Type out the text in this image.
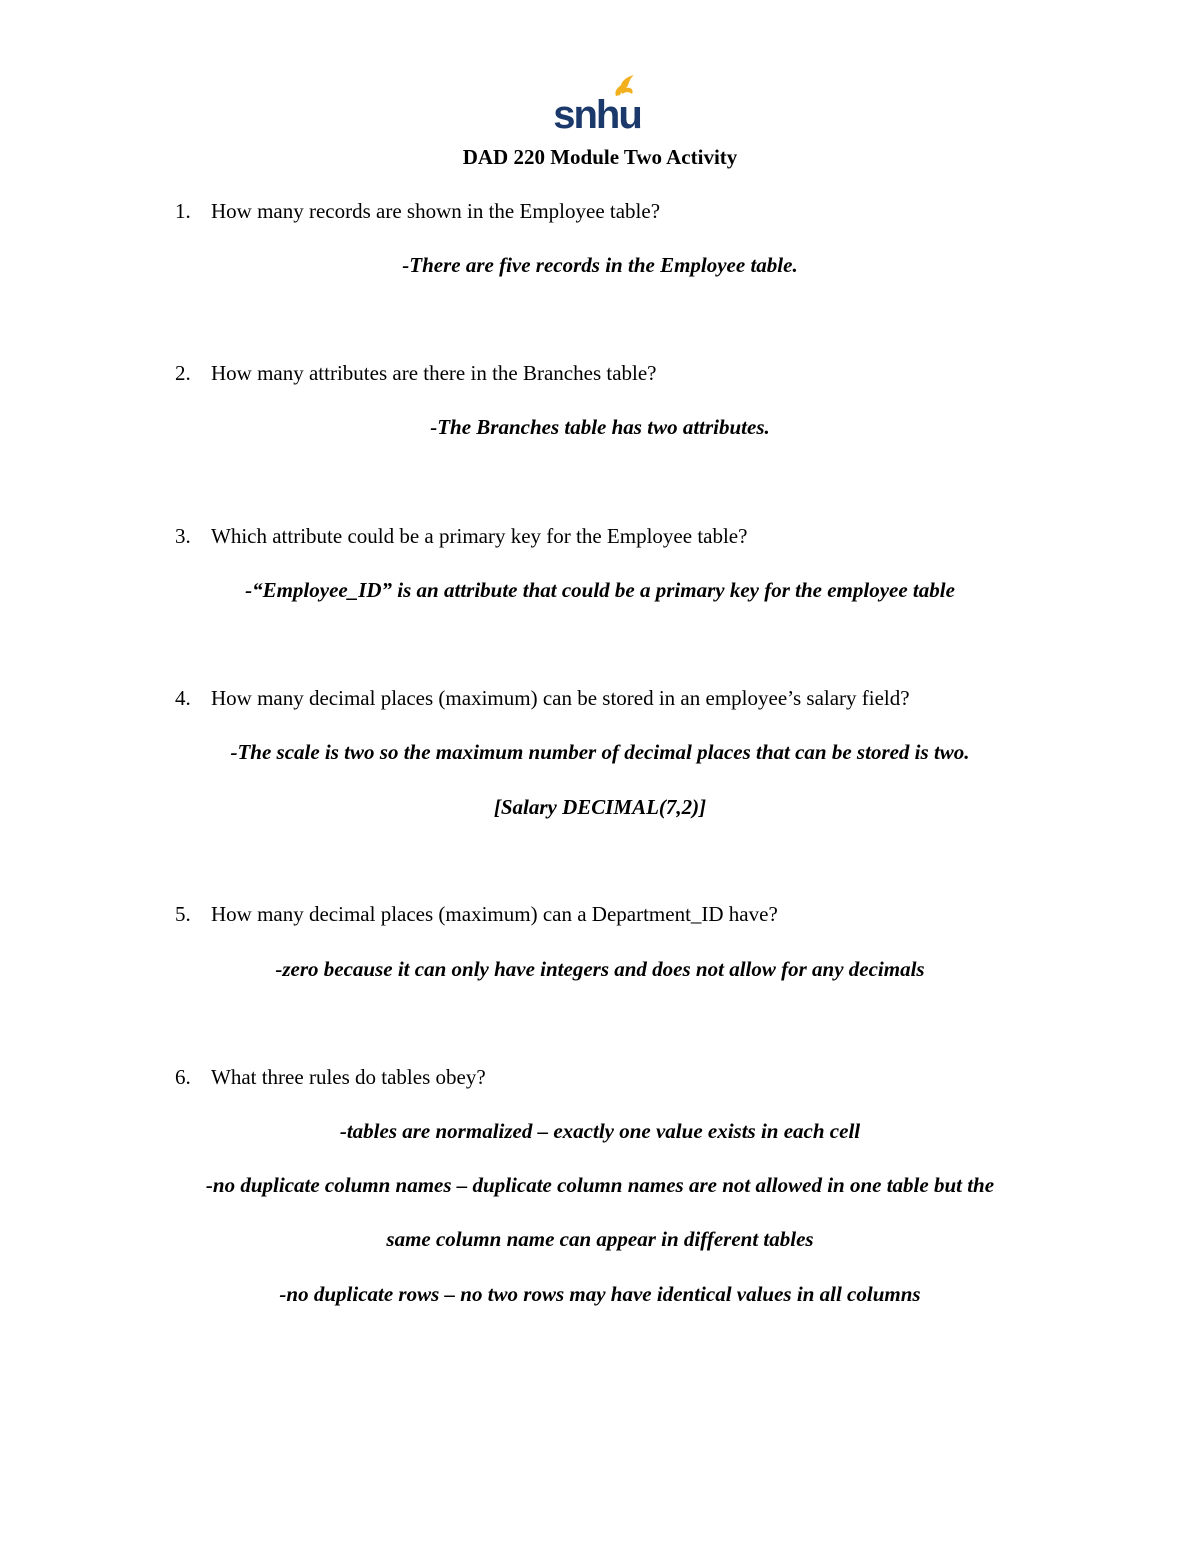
snhu
DAD 220 Module Two Activity
1. How many records are shown in the Employee table?
-There are five records in the Employee table.
2. How many attributes are there in the Branches table?
-The Branches table has two attributes.
3. Which attribute could be a primary key for the Employee table?
-“Employee_ID” is an attribute that could be a primary key for the employee table
4. How many decimal places (maximum) can be stored in an employee’s salary field?
-The scale is two so the maximum number of decimal places that can be stored is two.
[Salary DECIMAL(7,2)]
5. How many decimal places (maximum) can a Department_ID have?
-zero because it can only have integers and does not allow for any decimals
6. What three rules do tables obey?
-tables are normalized – exactly one value exists in each cell
-no duplicate column names – duplicate column names are not allowed in one table but the
same column name can appear in different tables
-no duplicate rows – no two rows may have identical values in all columns
